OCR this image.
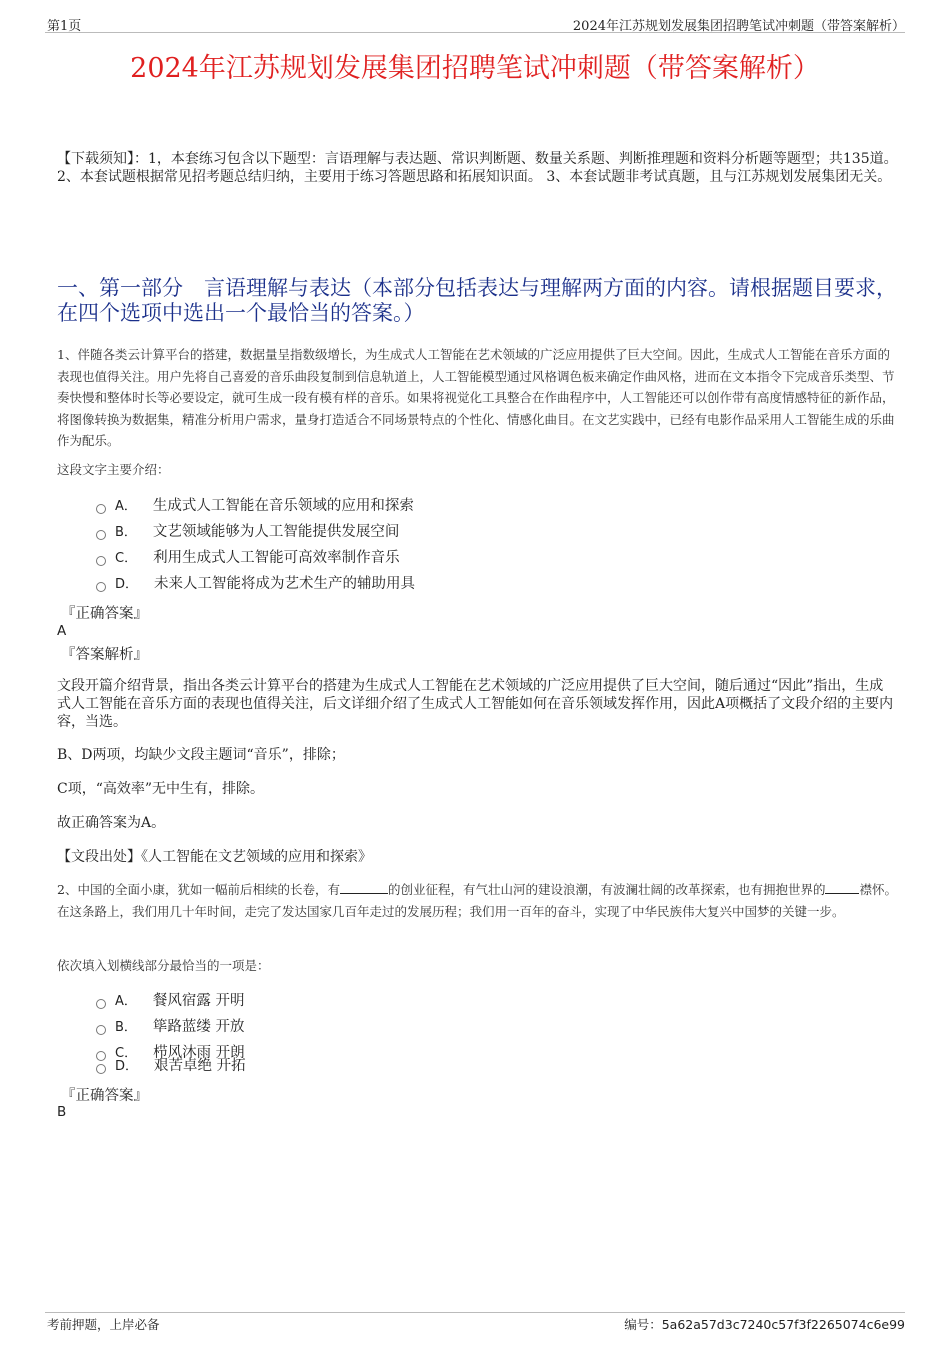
第1页	2024年江苏规划发展集团招聘笔试冲刺题（带答案解析）
2024年江苏规划发展集团招聘笔试冲刺题（带答案解析）
【下载须知】：1，本套练习包含以下题型：言语理解与表达题、常识判断题、数量关系题、判断推理题和资料分析题等题型；共135道。 2、本套试题根据常见招考题总结归纳，主要用于练习答题思路和拓展知识面。 3、本套试题非考试真题，且与江苏规划发展集团无关。
一、第一部分　言语理解与表达（本部分包括表达与理解两方面的内容。请根据题目要求，在四个选项中选出一个最恰当的答案。）
1、伴随各类云计算平台的搭建，数据量呈指数级增长，为生成式人工智能在艺术领域的广泛应用提供了巨大空间。因此，生成式人工智能在音乐方面的表现也值得关注。用户先将自己喜爱的音乐曲段复制到信息轨道上，人工智能模型通过风格调色板来确定作曲风格，进而在文本指令下完成音乐类型、节奏快慢和整体时长等必要设定，就可生成一段有模有样的音乐。如果将视觉化工具整合在作曲程序中，人工智能还可以创作带有高度情感特征的新作品，将图像转换为数据集，精准分析用户需求，量身打造适合不同场景特点的个性化、情感化曲目。在文艺实践中，已经有电影作品采用人工智能生成的乐曲作为配乐。
这段文字主要介绍：
A． 生成式人工智能在音乐领域的应用和探索
B． 文艺领域能够为人工智能提供发展空间
C． 利用生成式人工智能可高效率制作音乐
D． 未来人工智能将成为艺术生产的辅助用具
『正确答案』
A
『答案解析』
文段开篇介绍背景，指出各类云计算平台的搭建为生成式人工智能在艺术领域的广泛应用提供了巨大空间，随后通过“因此”指出，生成式人工智能在音乐方面的表现也值得关注，后文详细介绍了生成式人工智能如何在音乐领域发挥作用，因此A项概括了文段介绍的主要内容，当选。
B、D两项，均缺少文段主题词“音乐”，排除；
C项，“高效率”无中生有，排除。
故正确答案为A。
【文段出处】《人工智能在文艺领域的应用和探索》
2、中国的全面小康，犹如一幅前后相续的长卷，有	的创业征程，有气壮山河的建设浪潮，有波澜壮阔的改革探索，也有拥抱世界的	襟怀。在这条路上，我们用几十年时间，走完了发达国家几百年走过的发展历程；我们用一百年的奋斗，实现了中华民族伟大复兴中国梦的关键一步。
依次填入划横线部分最恰当的一项是：
A． 餐风宿露 开明
B． 筚路蓝缕 开放
C． 栉风沐雨 开朗
D． 艰苦卓绝 开拓
『正确答案』
B
考前押题，上岸必备	编号：5a62a57d3c7240c57f3f2265074c6e99
